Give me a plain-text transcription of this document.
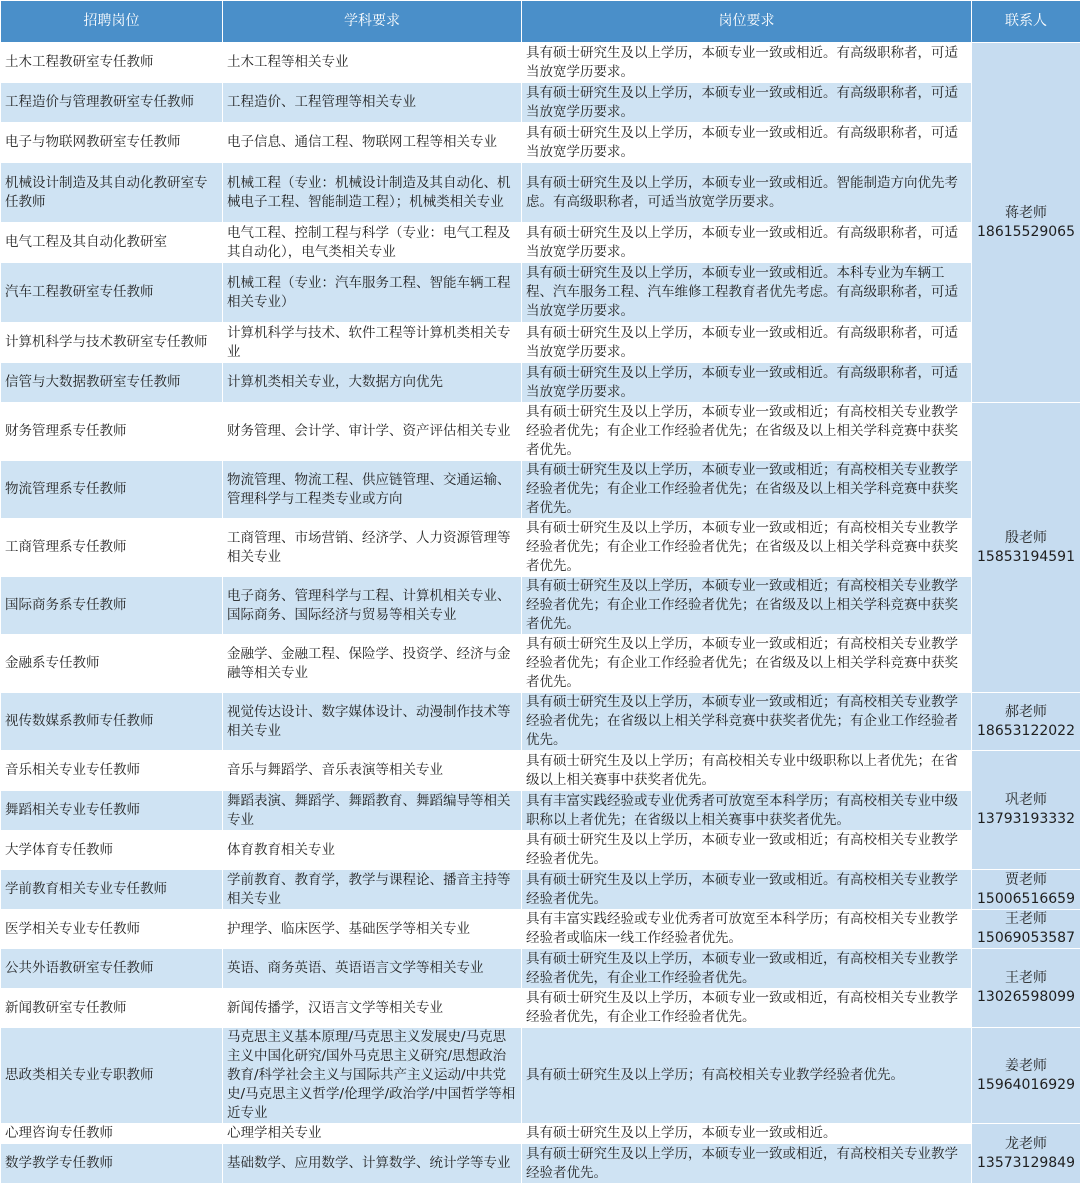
招聘岗位	学科要求	岗位要求	联系人
土木工程教研室专任教师	土木工程等相关专业	具有硕士研究生及以上学历，本硕专业一致或相近。有高级职称者，可适当放宽学历要求。	蒋老师
18615529065

工程造价与管理教研室专任教师	工程造价、工程管理等相关专业	具有硕士研究生及以上学历，本硕专业一致或相近。有高级职称者，可适当放宽学历要求。	
电子与物联网教研室专任教师	电子信息、通信工程、物联网工程等相关专业	具有硕士研究生及以上学历，本硕专业一致或相近。有高级职称者，可适当放宽学历要求。	
机械设计制造及其自动化教研室专任教师	机械工程（专业：机械设计制造及其自动化、机械电子工程、智能制造工程）；机械类相关专业	具有硕士研究生及以上学历，本硕专业一致或相近。智能制造方向优先考虑。有高级职称者，可适当放宽学历要求。	
电气工程及其自动化教研室	电气工程、控制工程与科学（专业：电气工程及其自动化），电气类相关专业	具有硕士研究生及以上学历，本硕专业一致或相近。有高级职称者，可适当放宽学历要求。	
汽车工程教研室专任教师	机械工程（专业：汽车服务工程、智能车辆工程相关专业）	具有硕士研究生及以上学历，本硕专业一致或相近。本科专业为车辆工程、汽车服务工程、汽车维修工程教育者优先考虑。有高级职称者，可适当放宽学历要求。	
计算机科学与技术教研室专任教师	计算机科学与技术、软件工程等计算机类相关专业	具有硕士研究生及以上学历，本硕专业一致或相近。有高级职称者，可适当放宽学历要求。	
信管与大数据教研室专任教师	计算机类相关专业，大数据方向优先	具有硕士研究生及以上学历，本硕专业一致或相近。有高级职称者，可适当放宽学历要求。	
财务管理系专任教师	财务管理、会计学、审计学、资产评估相关专业	具有硕士研究生及以上学历，本硕专业一致或相近；有高校相关专业教学经验者优先；有企业工作经验者优先；在省级及以上相关学科竞赛中获奖者优先。	殷老师
15853194591

物流管理系专任教师	物流管理、物流工程、供应链管理、交通运输、管理科学与工程类专业或方向	具有硕士研究生及以上学历，本硕专业一致或相近；有高校相关专业教学经验者优先；有企业工作经验者优先；在省级及以上相关学科竞赛中获奖者优先。	
工商管理系专任教师	工商管理、市场营销、经济学、人力资源管理等相关专业	具有硕士研究生及以上学历，本硕专业一致或相近；有高校相关专业教学经验者优先；有企业工作经验者优先；在省级及以上相关学科竞赛中获奖者优先。	
国际商务系专任教师	电子商务、管理科学与工程、计算机相关专业、国际商务、国际经济与贸易等相关专业	具有硕士研究生及以上学历，本硕专业一致或相近；有高校相关专业教学经验者优先；有企业工作经验者优先；在省级及以上相关学科竞赛中获奖者优先。	
金融系专任教师	金融学、金融工程、保险学、投资学、经济与金融等相关专业	具有硕士研究生及以上学历，本硕专业一致或相近；有高校相关专业教学经验者优先；有企业工作经验者优先；在省级及以上相关学科竞赛中获奖者优先。	
视传数媒系教师专任教师	视觉传达设计、数字媒体设计、动漫制作技术等相关专业	具有硕士研究生及以上学历，本硕专业一致或相近；有高校相关专业教学经验者优先；在省级以上相关学科竞赛中获奖者优先；有企业工作经验者优先。	郝老师
18653122022

音乐相关专业专任教师	音乐与舞蹈学、音乐表演等相关专业	具有硕士研究生及以上学历；有高校相关专业中级职称以上者优先；在省级以上相关赛事中获奖者优先。	巩老师
13793193332

舞蹈相关专业专任教师	舞蹈表演、舞蹈学、舞蹈教育、舞蹈编导等相关专业	具有丰富实践经验或专业优秀者可放宽至本科学历；有高校相关专业中级职称以上者优先；在省级以上相关赛事中获奖者优先。	
大学体育专任教师	体育教育相关专业	具有硕士研究生及以上学历，本硕专业一致或相近；有高校相关专业教学经验者优先。	
学前教育相关专业专任教师	学前教育、教育学，教学与课程论、播音主持等相关专业	具有硕士研究生及以上学历，本硕专业一致或相近。有高校相关专业教学经验者优先。	贾老师
15006516659

医学相关专业专任教师	护理学、临床医学、基础医学等相关专业	具有丰富实践经验或专业优秀者可放宽至本科学历；有高校相关专业教学经验者或临床一线工作经验者优先。	王老师
15069053587

公共外语教研室专任教师	英语、商务英语、英语语言文学等相关专业	具有硕士研究生及以上学历，本硕专业一致或相近，有高校相关专业教学经验者优先，有企业工作经验者优先。	王老师
13026598099

新闻教研室专任教师	新闻传播学，汉语言文学等相关专业	具有硕士研究生及以上学历，本硕专业一致或相近，有高校相关专业教学经验者优先，有企业工作经验者优先。	
思政类相关专业专职教师	马克思主义基本原理/马克思主义发展史/马克思主义中国化研究/国外马克思主义研究/思想政治教育/科学社会主义与国际共产主义运动/中共党史/马克思主义哲学/伦理学/政治学/中国哲学等相近专业	具有硕士研究生及以上学历；有高校相关专业教学经验者优先。	姜老师
15964016929

心理咨询专任教师	心理学相关专业	具有硕士研究生及以上学历，本硕专业一致或相近。	龙老师
13573129849

数学教学专任教师	基础数学、应用数学、计算数学、统计学等专业	具有硕士研究生及以上学历，本硕专业一致或相近，有高校相关专业教学经验者优先。	
